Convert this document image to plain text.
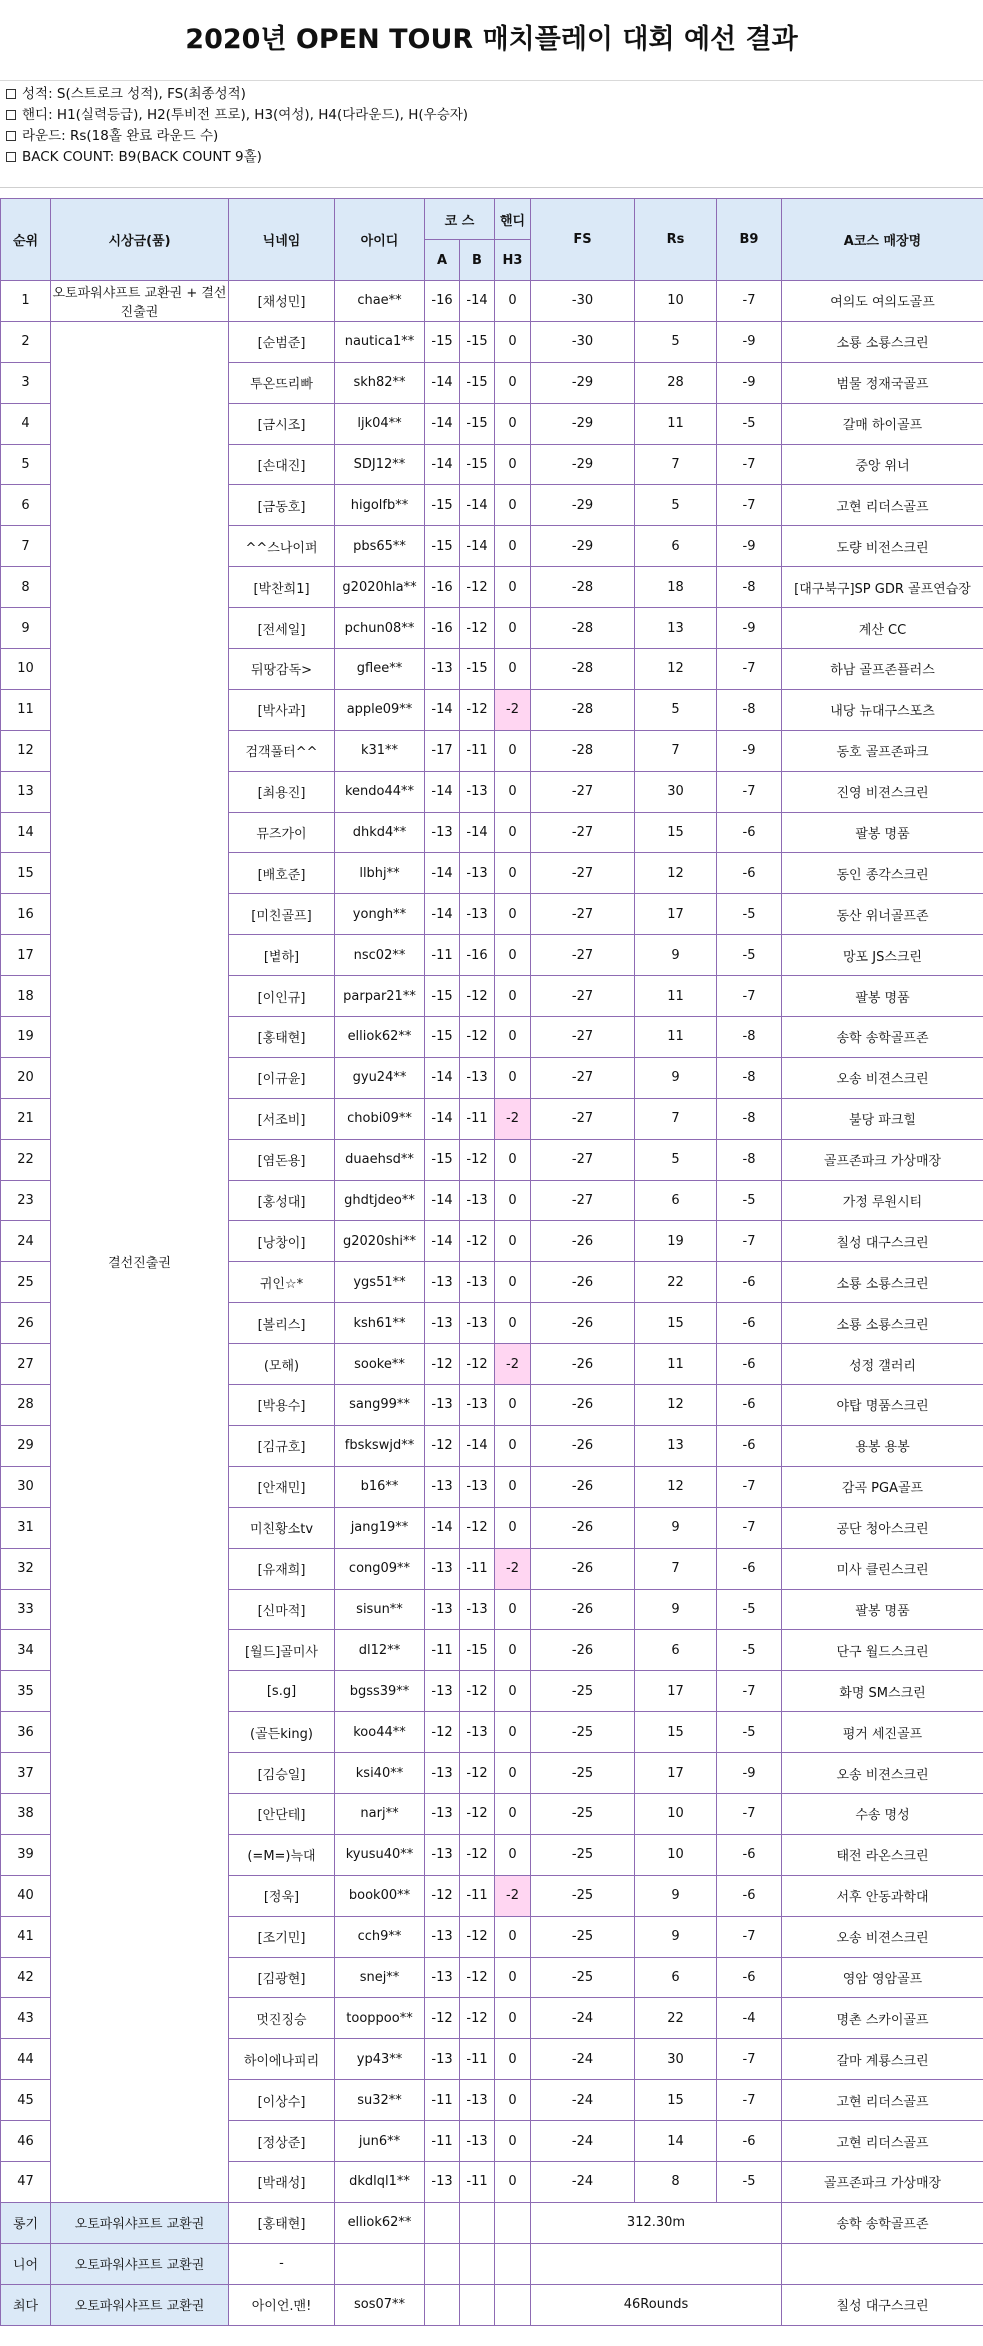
2020년 OPEN TOUR 매치플레이 대회 예선 결과
성적: S(스트로크 성적), FS(최종성적)
핸디: H1(실력등급), H2(투비전 프로), H3(여성), H4(다라운드), H(우승자)
라운드: Rs(18홀 완료 라운드 수)
BACK COUNT: B9(BACK COUNT 9홀)
순위	시상금(품)	닉네임	아이디	코 스		핸디	FS	Rs	B9	A코스 매장명
				A	B	H3				
1	오토파워샤프트 교환권 + 결선진출권	[채성민]	chae**	-16	-14	0	-30	10	-7	여의도 여의도골프
2	결선진출권	[순범준]	nautica1**	-15	-15	0	-30	5	-9	소룡 소룡스크린
3		투온뜨리빠	skh82**	-14	-15	0	-29	28	-9	범물 정재국골프
4		[금시조]	ljk04**	-14	-15	0	-29	11	-5	갈매 하이골프
5		[손대진]	SDJ12**	-14	-15	0	-29	7	-7	중앙 위너
6		[금동호]	higolfb**	-15	-14	0	-29	5	-7	고현 리더스골프
7		^^스나이퍼	pbs65**	-15	-14	0	-29	6	-9	도량 비전스크린
8		[박찬희1]	g2020hla**	-16	-12	0	-28	18	-8	[대구북구]SP GDR 골프연습장
9		[전세일]	pchun08**	-16	-12	0	-28	13	-9	계산 CC
10		뒤땅감독>	gflee**	-13	-15	0	-28	12	-7	하남 골프존플러스
11		[박사과]	apple09**	-14	-12	-2	-28	5	-8	내당 뉴대구스포츠
12		검객풀터^^	k31**	-17	-11	0	-28	7	-9	동호 골프존파크
13		[최용진]	kendo44**	-14	-13	0	-27	30	-7	진영 비젼스크린
14		뮤즈가이	dhkd4**	-13	-14	0	-27	15	-6	팔봉 명품
15		[배호준]	llbhj**	-14	-13	0	-27	12	-6	동인 종각스크린
16		[미친골프]	yongh**	-14	-13	0	-27	17	-5	동산 위너골프존
17		[볕하]	nsc02**	-11	-16	0	-27	9	-5	망포 JS스크린
18		[이인규]	parpar21**	-15	-12	0	-27	11	-7	팔봉 명품
19		[홍태현]	elliok62**	-15	-12	0	-27	11	-8	송학 송학골프존
20		[이규윤]	gyu24**	-14	-13	0	-27	9	-8	오송 비젼스크린
21		[서조비]	chobi09**	-14	-11	-2	-27	7	-8	불당 파크힐
22		[염돈용]	duaehsd**	-15	-12	0	-27	5	-8	골프존파크 가상매장
23		[홍성대]	ghdtjdeo**	-14	-13	0	-27	6	-5	가정 루원시티
24		[낭창이]	g2020shi**	-14	-12	0	-26	19	-7	칠성 대구스크린
25		귀인☆*	ygs51**	-13	-13	0	-26	22	-6	소룡 소룡스크린
26		[볼리스]	ksh61**	-13	-13	0	-26	15	-6	소룡 소룡스크린
27		(모해)	sooke**	-12	-12	-2	-26	11	-6	성정 갤러리
28		[박용수]	sang99**	-13	-13	0	-26	12	-6	야탑 명품스크린
29		[김규호]	fbskswjd**	-12	-14	0	-26	13	-6	용봉 용봉
30		[안재민]	b16**	-13	-13	0	-26	12	-7	감곡 PGA골프
31		미친황소tv	jang19**	-14	-12	0	-26	9	-7	공단 청아스크린
32		[유재희]	cong09**	-13	-11	-2	-26	7	-6	미사 클린스크린
33		[신마적]	sisun**	-13	-13	0	-26	9	-5	팔봉 명품
34		[월드]골미사	dl12**	-11	-15	0	-26	6	-5	단구 월드스크린
35		[s.g]	bgss39**	-13	-12	0	-25	17	-7	화명 SM스크린
36		(골든king)	koo44**	-12	-13	0	-25	15	-5	평거 세진골프
37		[김승일]	ksi40**	-13	-12	0	-25	17	-9	오송 비젼스크린
38		[안단테]	narj**	-13	-12	0	-25	10	-7	수송 명성
39		(=M=)늑대	kyusu40**	-13	-12	0	-25	10	-6	태전 라온스크린
40		[정욱]	book00**	-12	-11	-2	-25	9	-6	서후 안동과학대
41		[조기민]	cch9**	-13	-12	0	-25	9	-7	오송 비젼스크린
42		[김광현]	snej**	-13	-12	0	-25	6	-6	영암 영암골프
43		멋진징승	tooppoo**	-12	-12	0	-24	22	-4	명촌 스카이골프
44		하이에나피리	yp43**	-13	-11	0	-24	30	-7	갈마 계룡스크린
45		[이상수]	su32**	-11	-13	0	-24	15	-7	고현 리더스골프
46		[정상준]	jun6**	-11	-13	0	-24	14	-6	고현 리더스골프
47		[박래성]	dkdlql1**	-13	-11	0	-24	8	-5	골프존파크 가상매장
롱기	오토파워샤프트 교환권	[홍태현]	elliok62**				312.30m			송학 송학골프존
니어	오토파워샤프트 교환권	-								
최다	오토파워샤프트 교환권	아이언.맨!	sos07**				46Rounds			칠성 대구스크린
